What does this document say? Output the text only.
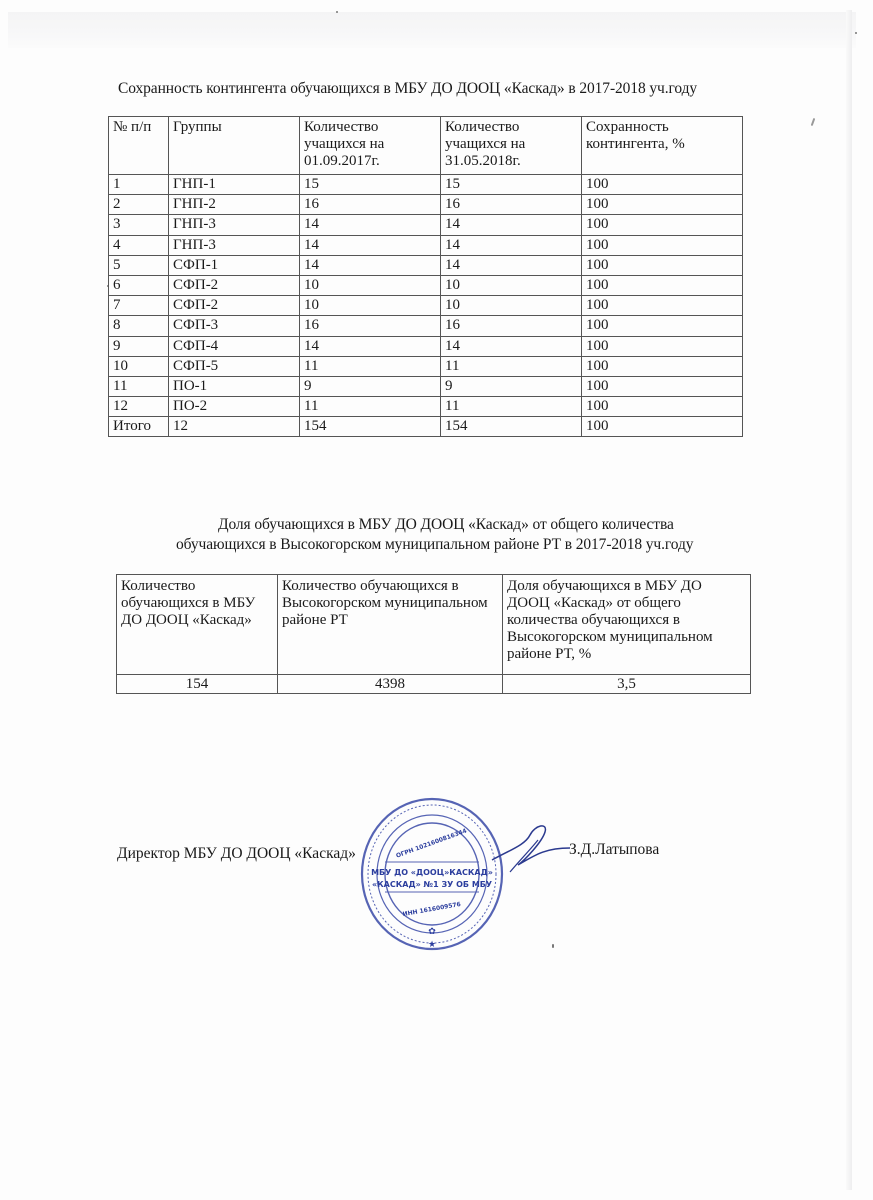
Сохранность контингента обучающихся в МБУ ДО ДООЦ «Каскад» в 2017-2018 уч.году
№ п/п	Группы	Количество учащихся на 01.09.2017г.	Количество учащихся на 31.05.2018г.	Сохранность контингента, %
1	ГНП-1	15	15	100
2	ГНП-2	16	16	100
3	ГНП-3	14	14	100
4	ГНП-3	14	14	100
5	СФП-1	14	14	100
6	СФП-2	10	10	100
7	СФП-2	10	10	100
8	СФП-3	16	16	100
9	СФП-4	14	14	100
10	СФП-5	11	11	100
11	ПО-1	9	9	100
12	ПО-2	11	11	100
Итого	12	154	154	100
Доля обучающихся в МБУ ДО ДООЦ «Каскад» от общего количества
обучающихся в Высокогорском муниципальном районе РТ в 2017-2018 уч.году
Количество обучающихся в МБУ ДО ДООЦ «Каскад»	Количество обучающихся в Высокогорском муниципальном районе РТ	Доля обучающихся в МБУ ДО ДООЦ «Каскад» от общего количества обучающихся в Высокогорском муниципальном районе РТ, %
154	4398	3,5
Директор МБУ ДО ДООЦ «Каскад»	З.Д.Латыпова
МБУ ДО «ДООЦ»КАСКАД»
«КАСКАД» №1 ЗУ ОБ МБУ
ОГРН 1021600816344
ИНН 1616009576
✿
★
